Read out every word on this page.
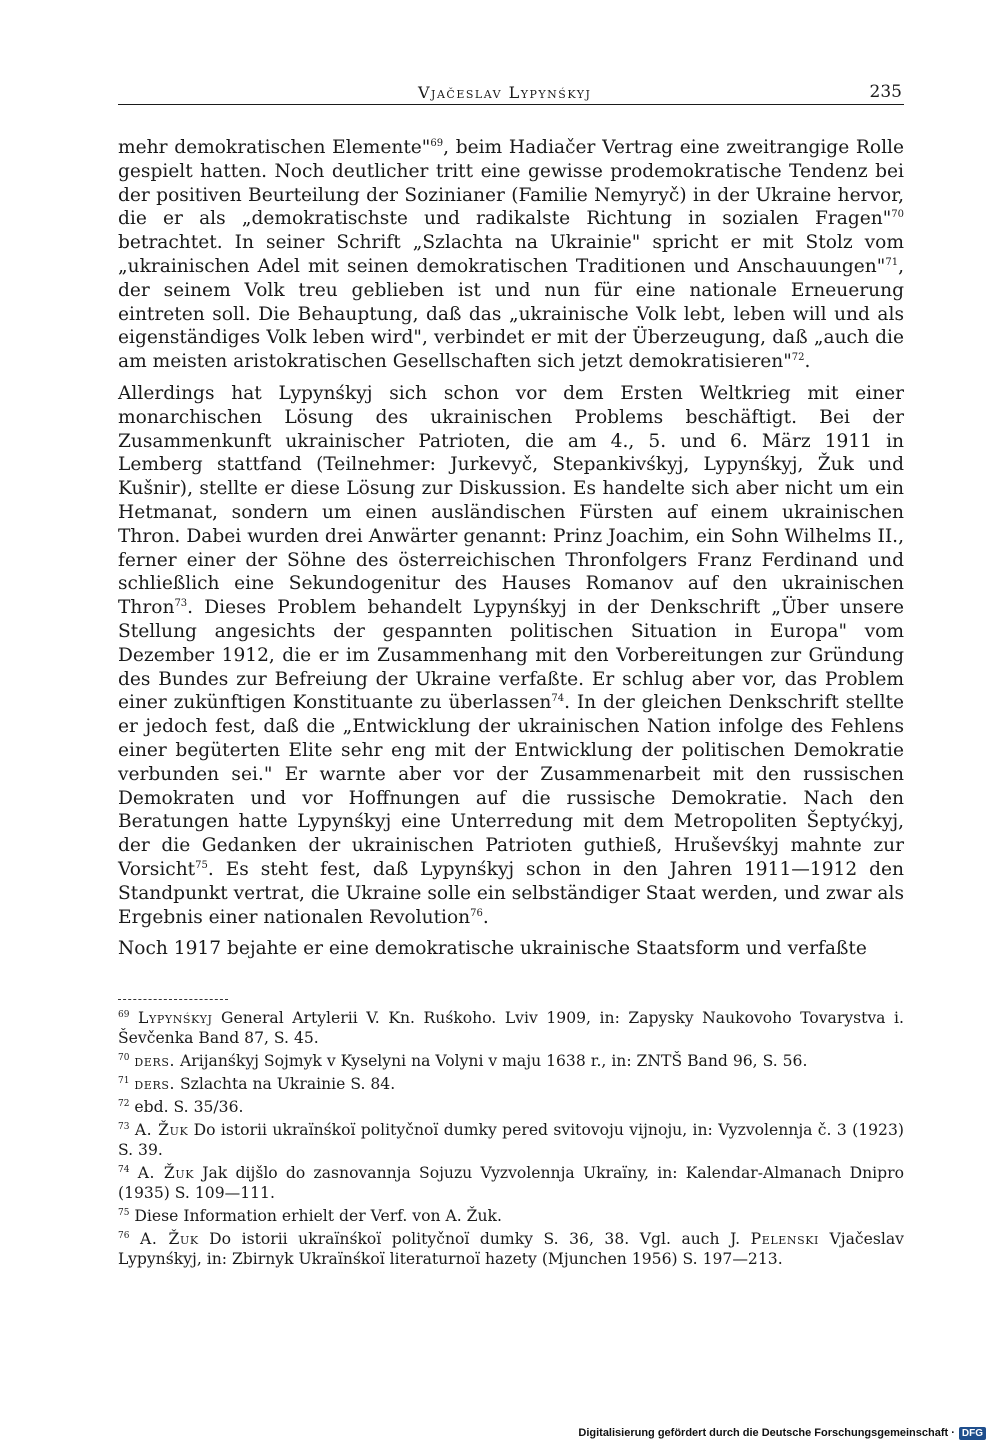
Vjačeslav Lypynśkyj	235

mehr demokratischen Elemente"$^{69}$, beim Hadiačer Vertrag eine zweitrangige Rolle gespielt hatten. Noch deutlicher tritt eine gewisse prodemokratische Tendenz bei der positiven Beurteilung der Sozinianer (Familie Nemyryč) in der Ukraine hervor, die er als „demokratischste und radikalste Richtung in sozialen Fragen"$^{70}$ betrachtet. In seiner Schrift „Szlachta na Ukrainie" spricht er mit Stolz vom „ukrainischen Adel mit seinen demokratischen Traditionen und Anschauungen"$^{71}$, der seinem Volk treu geblieben ist und nun für eine nationale Erneuerung eintreten soll. Die Behauptung, daß das „ukrainische Volk lebt, leben will und als eigenständiges Volk leben wird", verbindet er mit der Überzeugung, daß „auch die am meisten aristokratischen Gesellschaften sich jetzt demokratisieren"$^{72}$.

Allerdings hat Lypynśkyj sich schon vor dem Ersten Weltkrieg mit einer monarchischen Lösung des ukrainischen Problems beschäftigt. Bei der Zusammenkunft ukrainischer Patrioten, die am 4., 5. und 6. März 1911 in Lemberg stattfand (Teilnehmer: Jurkevyč, Stepankivśkyj, Lypynśkyj, Žuk und Kušnir), stellte er diese Lösung zur Diskussion. Es handelte sich aber nicht um ein Hetmanat, sondern um einen ausländischen Fürsten auf einem ukrainischen Thron. Dabei wurden drei Anwärter genannt: Prinz Joachim, ein Sohn Wilhelms II., ferner einer der Söhne des österreichischen Thronfolgers Franz Ferdinand und schließlich eine Sekundogenitur des Hauses Romanov auf den ukrainischen Thron$^{73}$. Dieses Problem behandelt Lypynśkyj in der Denkschrift „Über unsere Stellung angesichts der gespannten politischen Situation in Europa" vom Dezember 1912, die er im Zusammenhang mit den Vorbereitungen zur Gründung des Bundes zur Befreiung der Ukraine verfaßte. Er schlug aber vor, das Problem einer zukünftigen Konstituante zu überlassen$^{74}$. In der gleichen Denkschrift stellte er jedoch fest, daß die „Entwicklung der ukrainischen Nation infolge des Fehlens einer begüterten Elite sehr eng mit der Entwicklung der politischen Demokratie verbunden sei." Er warnte aber vor der Zusammenarbeit mit den russischen Demokraten und vor Hoffnungen auf die russische Demokratie. Nach den Beratungen hatte Lypynśkyj eine Unterredung mit dem Metropoliten Šeptyćkyj, der die Gedanken der ukrainischen Patrioten guthieß, Hruševśkyj mahnte zur Vorsicht$^{75}$. Es steht fest, daß Lypynśkyj schon in den Jahren 1911—1912 den Standpunkt vertrat, die Ukraine solle ein selbständiger Staat werden, und zwar als Ergebnis einer nationalen Revolution$^{76}$.

Noch 1917 bejahte er eine demokratische ukrainische Staatsform und verfaßte

$^{69}$ Lypynśkyj General Artylerii V. Kn. Ruśkoho. Lviv 1909, in: Zapysky Naukovoho Tovarystva i. Ševčenka Band 87, S. 45.

$^{70}$ ders. Arijanśkyj Sojmyk v Kyselyni na Volyni v maju 1638 r., in: ZNTŠ Band 96, S. 56.

$^{71}$ ders. Szlachta na Ukrainie S. 84.

$^{72}$ ebd. S. 35/36.

$^{73}$ A. Žuk Do istorii ukraïnśkoï polityčnoï dumky pered svitovoju vijnoju, in: Vyzvolennja č. 3 (1923) S. 39.

$^{74}$ A. Žuk Jak dijšlo do zasnovannja Sojuzu Vyzvolennja Ukraïny, in: Kalendar-Almanach Dnipro (1935) S. 109—111.

$^{75}$ Diese Information erhielt der Verf. von A. Žuk.

$^{76}$ A. Žuk Do istorii ukraïnśkoï polityčnoï dumky S. 36, 38. Vgl. auch J. Pelenski Vjačeslav Lypynśkyj, in: Zbirnyk Ukraïnśkoï literaturnoï hazety (Mjunchen 1956) S. 197—213.

Digitalisierung gefördert durch die Deutsche Forschungsgemeinschaft · DFG
